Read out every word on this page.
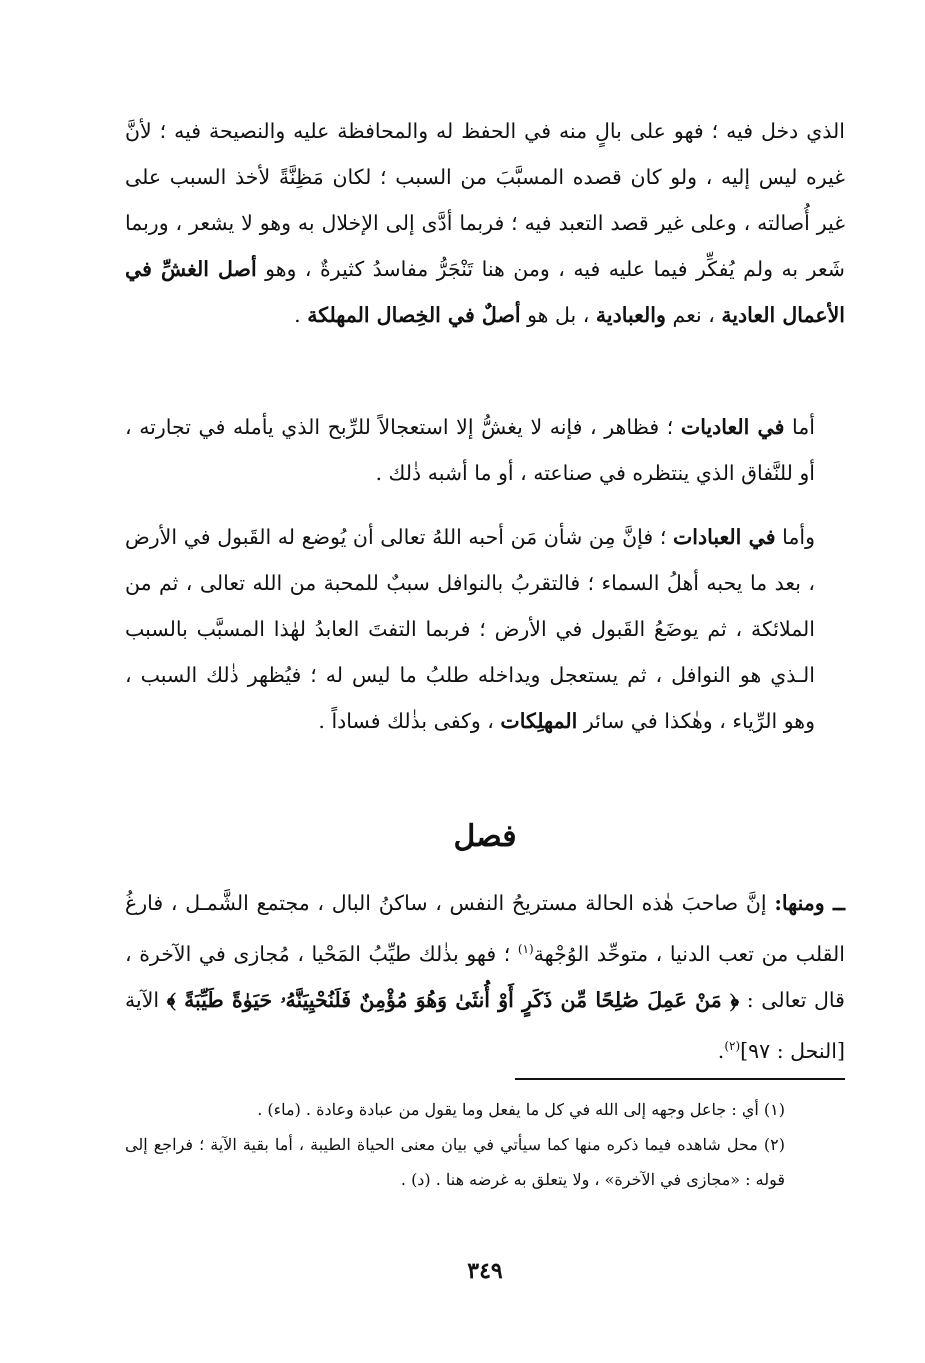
الذي دخل فيه ؛ فهو على بالٍ منه في الحفظ له والمحافظة عليه والنصيحة فيه ؛ لأنَّ غيره ليس إليه ، ولو كان قصده المسبَّبَ من السبب ؛ لكان مَظِنَّةً لأخذ السبب على غير أُصالته ، وعلى غير قصد التعبد فيه ؛ فربما أدَّى إلى الإخلال به وهو لا يشعر ، وربما شَعر به ولم يُفكِّر فيما عليه فيه ، ومن هنا تَنْجَرُّ مفاسدُ كثيرةٌ ، وهو أصل الغشِّ في الأعمال العادية ، نعم والعبادية ، بل هو أصلٌ في الخِصال المهلكة .

أما في العاديات ؛ فظاهر ، فإنه لا يغشُّ إلا استعجالاً للرِّبح الذي يأمله في تجارته ، أو للنَّفاق الذي ينتظره في صناعته ، أو ما أشبه ذٰلك .

وأما في العبادات ؛ فإنَّ مِن شأن مَن أحبه اللهُ تعالى أن يُوضع له القَبول في الأرض ، بعد ما يحبه أهلُ السماء ؛ فالتقربُ بالنوافل سببٌ للمحبة من الله تعالى ، ثم من الملائكة ، ثم يوضَعُ القَبول في الأرض ؛ فربما التفتَ العابدُ لهٰذا المسبَّب بالسبب الـذي هو النوافل ، ثم يستعجل ويداخله طلبُ ما ليس له ؛ فيُظهر ذٰلك السبب ، وهو الرِّياء ، وهٰكذا في سائر المهلِكات ، وكفى بذٰلك فساداً .

فصل

ــ ومنها: إنَّ صاحبَ هٰذه الحالة مستريحُ النفس ، ساكنُ البال ، مجتمع الشَّمـل ، فارغُ القلب من تعب الدنيا ، متوحِّد الوُجْهة$^{(١)}$ ؛ فهو بذٰلك طيِّبُ المَحْيا ، مُجازى في الآخرة ، قال تعالى : ﴿ مَنْ عَمِلَ صَٰلِحًا مِّن ذَكَرٍ أَوْ أُنثَىٰ وَهُوَ مُؤْمِنٌ فَلَنُحْيِيَنَّهُۥ حَيَوٰةً طَيِّبَةً ﴾ الآية [النحل : ٩٧]$^{(٢)}$.

(١) أي : جاعل وجهه إلى الله في كل ما يفعل وما يقول من عبادة وعادة . (ماء) .

(٢) محل شاهده فيما ذكره منها كما سيأتي في بيان معنى الحياة الطيبة ، أما بقية الآية ؛ فراجع إلى قوله : «مجازى في الآخرة» ، ولا يتعلق به غرضه هنا . (د) .

٣٤٩
